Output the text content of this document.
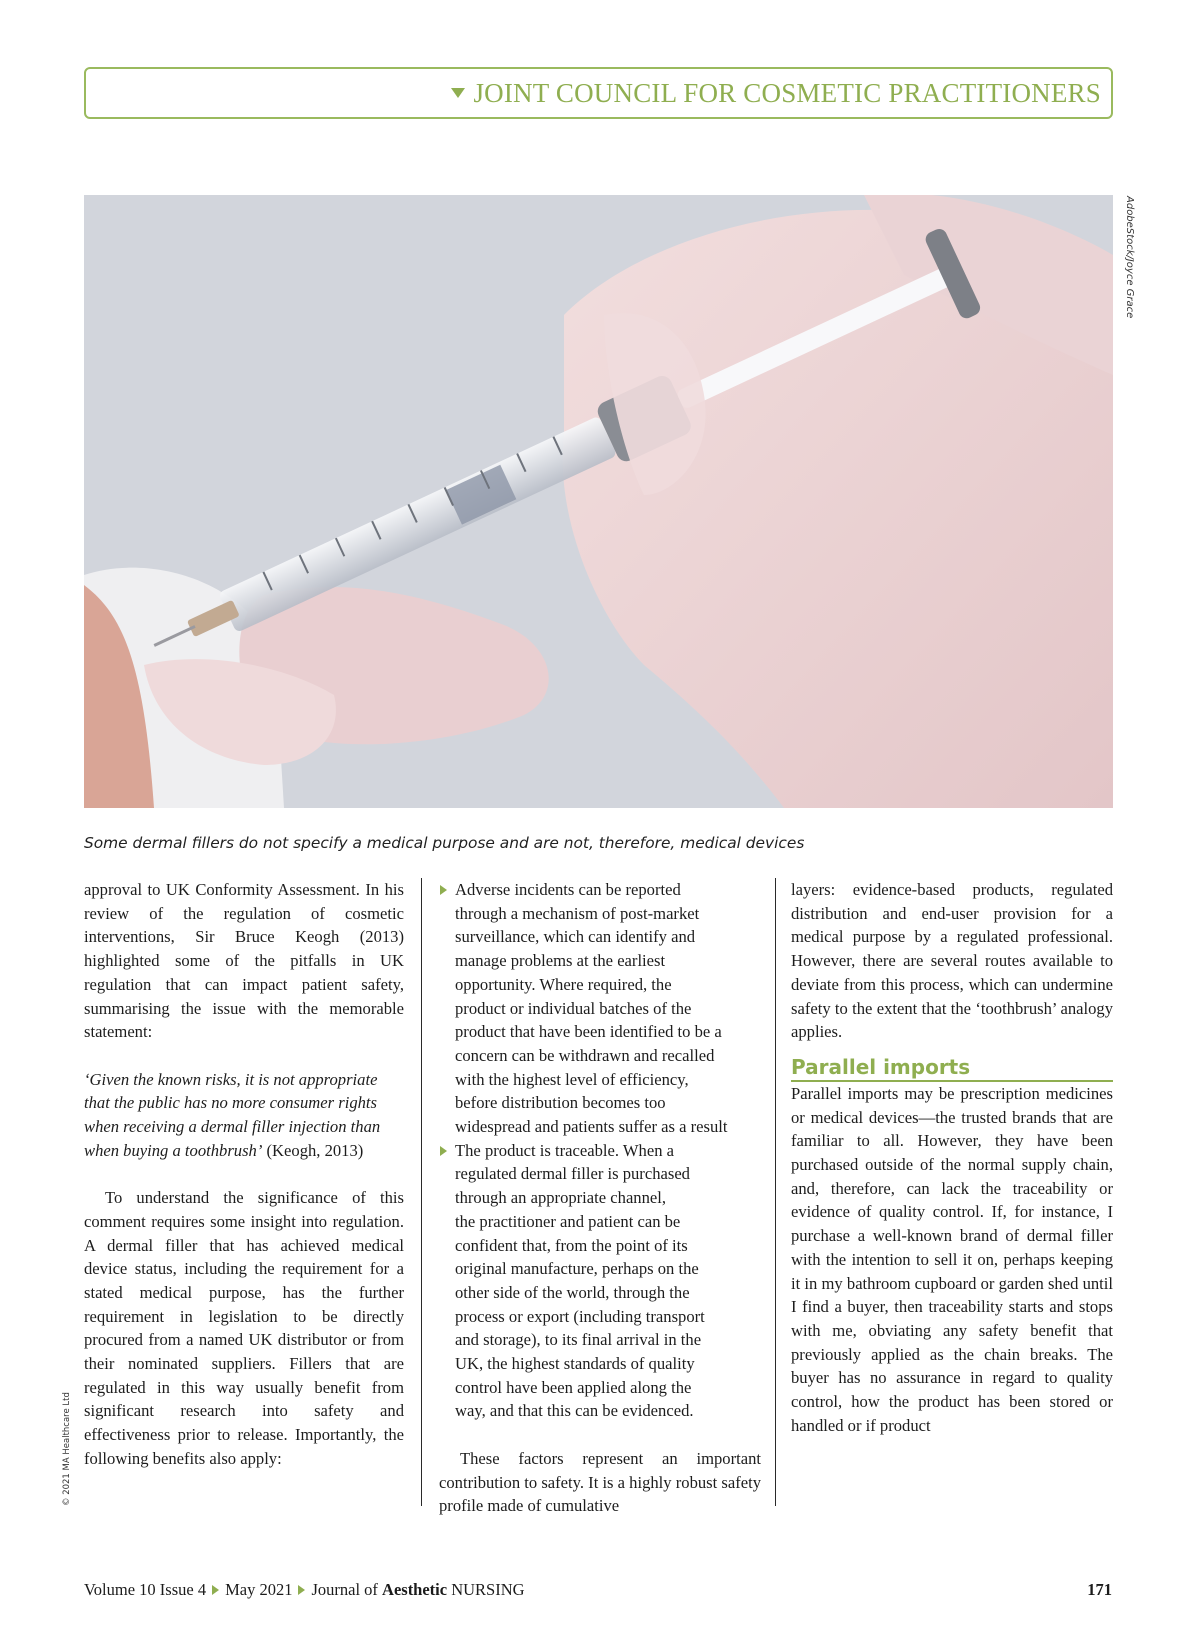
JOINT COUNCIL FOR COSMETIC PRACTITIONERS
AdobeStock/Joyce Grace
Some dermal fillers do not specify a medical purpose and are not, therefore, medical devices

approval to UK Conformity Assessment. In his review of the regulation of cosmetic interventions, Sir Bruce Keogh (2013) highlighted some of the pitfalls in UK regulation that can impact patient safety, summarising the issue with the memorable statement:

‘Given the known risks, it is not appropriate that the public has no more consumer rights when receiving a dermal filler injection than when buying a toothbrush’ (Keogh, 2013)

To understand the significance of this comment requires some insight into regulation. A dermal filler that has achieved medical device status, including the requirement for a stated medical purpose, has the further requirement in legislation to be directly procured from a named UK distributor or from their nominated suppliers. Fillers that are regulated in this way usually benefit from significant research into safety and effectiveness prior to release. Importantly, the following benefits also apply:

Adverse incidents can be reported
through a mechanism of post-market
surveillance, which can identify and
manage problems at the earliest
opportunity. Where required, the
product or individual batches of the
product that have been identified to be a
concern can be withdrawn and recalled
with the highest level of efficiency,
before distribution becomes too
widespread and patients suffer as a result
The product is traceable. When a
regulated dermal filler is purchased
through an appropriate channel,
the practitioner and patient can be
confident that, from the point of its
original manufacture, perhaps on the
other side of the world, through the
process or export (including transport
and storage), to its final arrival in the
UK, the highest standards of quality
control have been applied along the
way, and that this can be evidenced.

These factors represent an important contribution to safety. It is a highly robust safety profile made of cumulative

layers: evidence-based products, regulated distribution and end-user provision for a medical purpose by a regulated professional. However, there are several routes available to deviate from this process, which can undermine safety to the extent that the ‘toothbrush’ analogy applies.

Parallel imports

Parallel imports may be prescription medicines or medical devices—the trusted brands that are familiar to all. However, they have been purchased outside of the normal supply chain, and, therefore, can lack the traceability or evidence of quality control. If, for instance, I purchase a well-known brand of dermal filler with the intention to sell it on, perhaps keeping it in my bathroom cupboard or garden shed until I find a buyer, then traceability starts and stops with me, obviating any safety benefit that previously applied as the chain breaks. The buyer has no assurance in regard to quality control, how the product has been stored or handled or if product

© 2021 MA Healthcare Ltd
Volume 10 Issue 4 May 2021 Journal of Aesthetic NURSING	171
